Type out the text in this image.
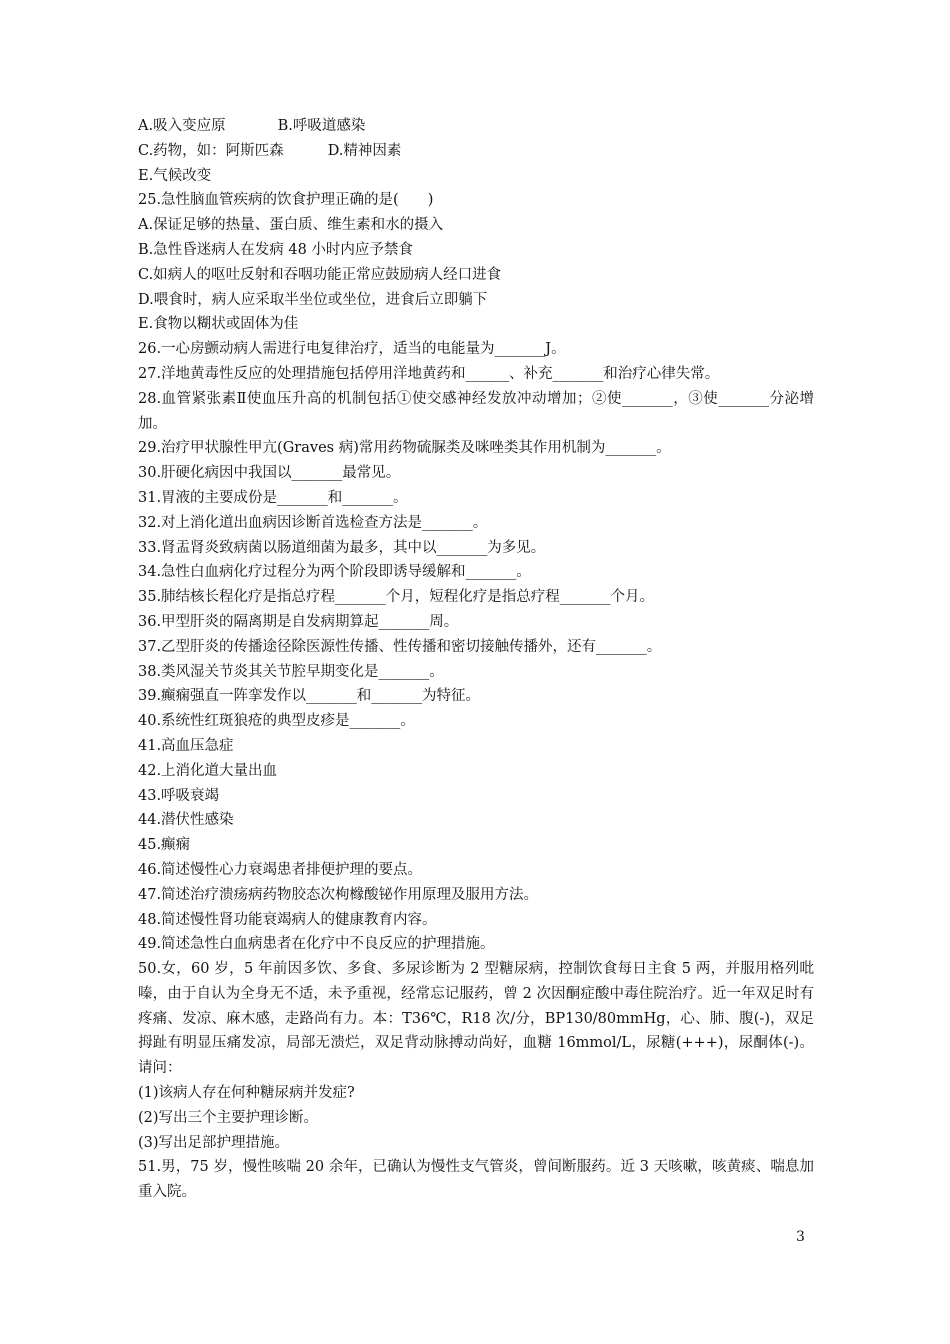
A.吸入变应原	B.呼吸道感染
C.药物，如：阿斯匹森	D.精神因素
E.气候改变
25.急性脑血管疾病的饮食护理正确的是(　　)
A.保证足够的热量、蛋白质、维生素和水的摄入
B.急性昏迷病人在发病 48 小时内应予禁食
C.如病人的呕吐反射和吞咽功能正常应鼓励病人经口进食
D.喂食时，病人应采取半坐位或坐位，进食后立即躺下
E.食物以糊状或固体为佳
26.一心房颤动病人需进行电复律治疗，适当的电能量为_______J。
27.洋地黄毒性反应的处理措施包括停用洋地黄药和______、补充_______和治疗心律失常。
28.血管紧张素Ⅱ使血压升高的机制包括①使交感神经发放冲动增加；②使_______，③使_______分泌增加。
29.治疗甲状腺性甲亢(Graves 病)常用药物硫脲类及咪唑类其作用机制为_______。
30.肝硬化病因中我国以_______最常见。
31.胃液的主要成份是_______和_______。
32.对上消化道出血病因诊断首选检查方法是_______。
33.肾盂肾炎致病菌以肠道细菌为最多，其中以_______为多见。
34.急性白血病化疗过程分为两个阶段即诱导缓解和_______。
35.肺结核长程化疗是指总疗程_______个月，短程化疗是指总疗程_______个月。
36.甲型肝炎的隔离期是自发病期算起_______周。
37.乙型肝炎的传播途径除医源性传播、性传播和密切接触传播外，还有_______。
38.类风湿关节炎其关节腔早期变化是_______。
39.癫痫强直一阵挛发作以_______和_______为特征。
40.系统性红斑狼疮的典型皮疹是_______。
41.高血压急症
42.上消化道大量出血
43.呼吸衰竭
44.潜伏性感染
45.癫痫
46.简述慢性心力衰竭患者排便护理的要点。
47.简述治疗溃疡病药物胶态次枸橼酸铋作用原理及服用方法。
48.简述慢性肾功能衰竭病人的健康教育内容。
49.简述急性白血病患者在化疗中不良反应的护理措施。
50.女，60 岁，5 年前因多饮、多食、多尿诊断为 2 型糖尿病，控制饮食每日主食 5 两，并服用格列吡嗪，由于自认为全身无不适，未予重视，经常忘记服药，曾 2 次因酮症酸中毒住院治疗。近一年双足时有疼痛、发凉、麻木感，走路尚有力。本：T36℃，R18 次/分，BP130/80mmHg，心、肺、腹(-)，双足拇趾有明显压痛发凉，局部无溃烂，双足背动脉搏动尚好，血糖 16mmol/L，尿糖(+++)，尿酮体(-)。请问：
(1)该病人存在何种糖尿病并发症?
(2)写出三个主要护理诊断。
(3)写出足部护理措施。
51.男，75 岁，慢性咳喘 20 余年，已确认为慢性支气管炎，曾间断服药。近 3 天咳嗽，咳黄痰、喘息加重入院。
3
